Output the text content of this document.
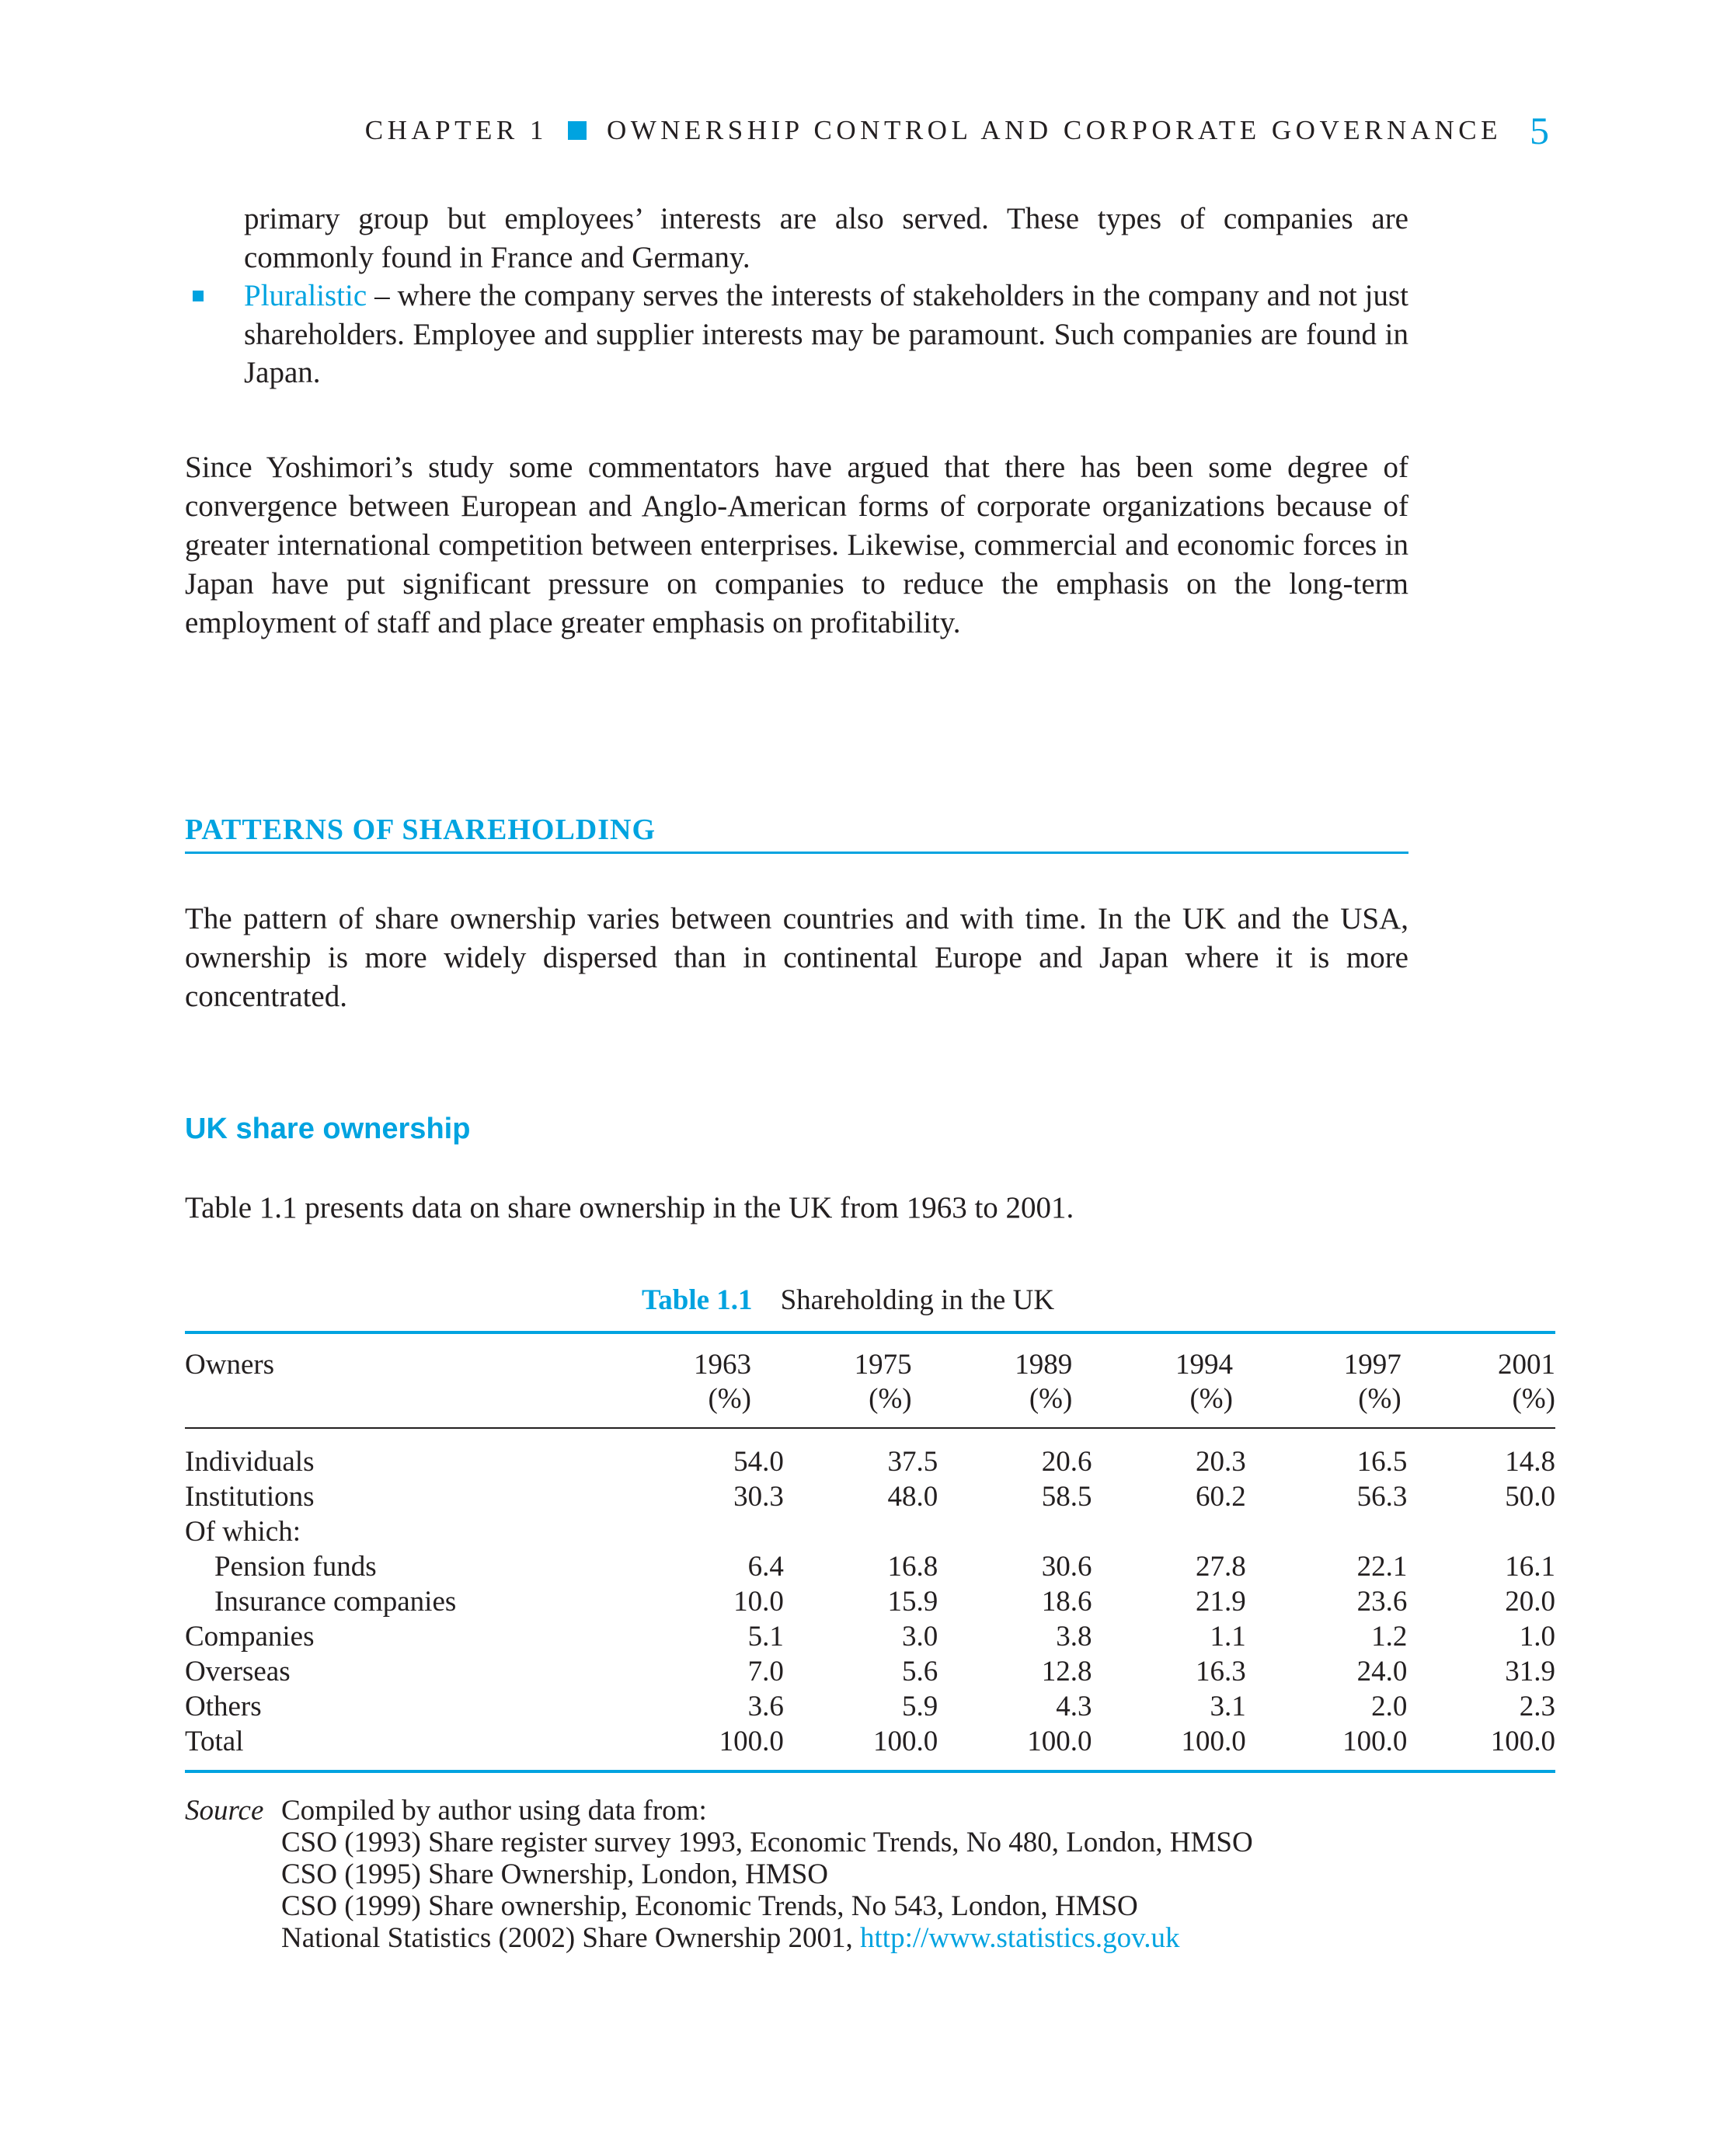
CHAPTER 1 OWNERSHIP CONTROL AND CORPORATE GOVERNANCE 5
primary group but employees’ interests are also served. These types of companies are commonly found in France and Germany.
Pluralistic – where the company serves the interests of stakeholders in the company and not just shareholders. Employee and supplier interests may be paramount. Such companies are found in Japan.

Since Yoshimori’s study some commentators have argued that there has been some degree of convergence between European and Anglo-American forms of corporate organizations because of greater international competition between enterprises. Likewise, commercial and economic forces in Japan have put significant pressure on companies to reduce the emphasis on the long-term employment of staff and place greater emphasis on profitability.

PATTERNS OF SHAREHOLDING

The pattern of share ownership varies between countries and with time. In the UK and the USA, ownership is more widely dispersed than in continental Europe and Japan where it is more concentrated.

UK share ownership

Table 1.1 presents data on share ownership in the UK from 1963 to 2001.

Table 1.1 Shareholding in the UK
Owners	1963	1975	1989	1994	1997	2001
	(%)	(%)	(%)	(%)	(%)	(%)
Individuals	54.0	37.5	20.6	20.3	16.5	14.8
Institutions	30.3	48.0	58.5	60.2	56.3	50.0
Of which:						
Pension funds	6.4	16.8	30.6	27.8	22.1	16.1
Insurance companies	10.0	15.9	18.6	21.9	23.6	20.0
Companies	5.1	3.0	3.8	1.1	1.2	1.0
Overseas	7.0	5.6	12.8	16.3	24.0	31.9
Others	3.6	5.9	4.3	3.1	2.0	2.3
Total	100.0	100.0	100.0	100.0	100.0	100.0
Source Compiled by author using data from:
CSO (1993) Share register survey 1993, Economic Trends, No 480, London, HMSO
CSO (1995) Share Ownership, London, HMSO
CSO (1999) Share ownership, Economic Trends, No 543, London, HMSO
National Statistics (2002) Share Ownership 2001, http://www.statistics.gov.uk
